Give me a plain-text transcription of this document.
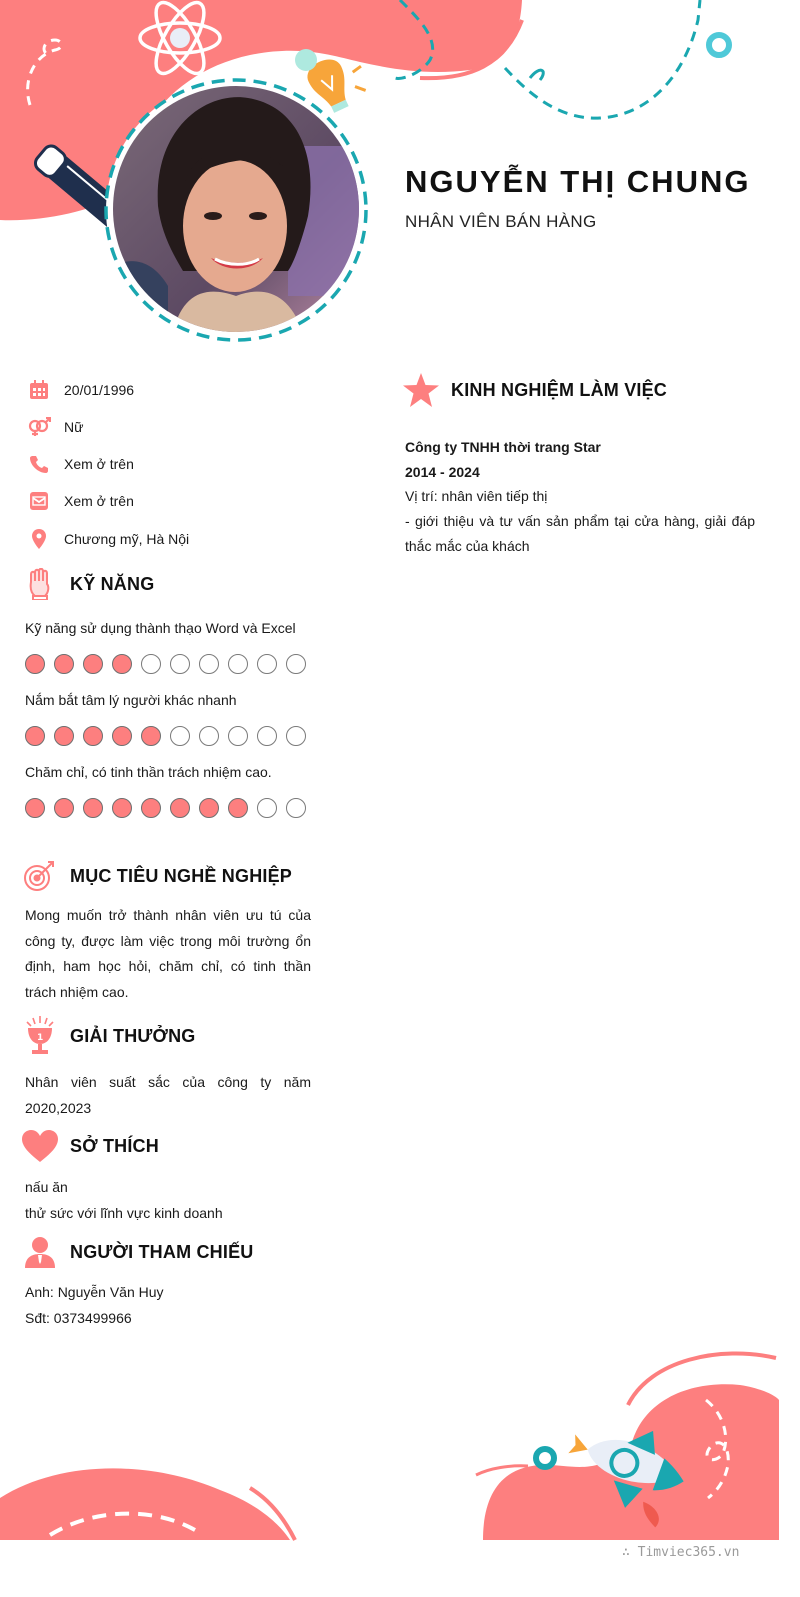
NGUYỄN THỊ CHUNG
NHÂN VIÊN BÁN HÀNG
20/01/1996
Nữ
Xem ở trên
Xem ở trên
Chương mỹ, Hà Nội
KỸ NĂNG
Kỹ năng sử dụng thành thạo Word và Excel
Nắm bắt tâm lý người khác nhanh
Chăm chỉ, có tinh thần trách nhiệm cao.
MỤC TIÊU NGHỀ NGHIỆP
Mong muốn trở thành nhân viên ưu tú của công ty, được làm việc trong môi trường ổn định, ham học hỏi, chăm chỉ, có tinh thần trách nhiệm cao.
1 GIẢI THƯỞNG
Nhân viên suất sắc của công ty năm 2020,2023
SỞ THÍCH
nấu ăn
thử sức với lĩnh vực kinh doanh
NGƯỜI THAM CHIẾU
Anh: Nguyễn Văn Huy
Sđt: 0373499966
KINH NGHIỆM LÀM VIỆC
Công ty TNHH thời trang Star
2014 - 2024
Vị trí: nhân viên tiếp thị
- giới thiệu và tư vấn sản phẩm tại cửa hàng, giải đáp thắc mắc của khách
∴ Timviec365.vn
